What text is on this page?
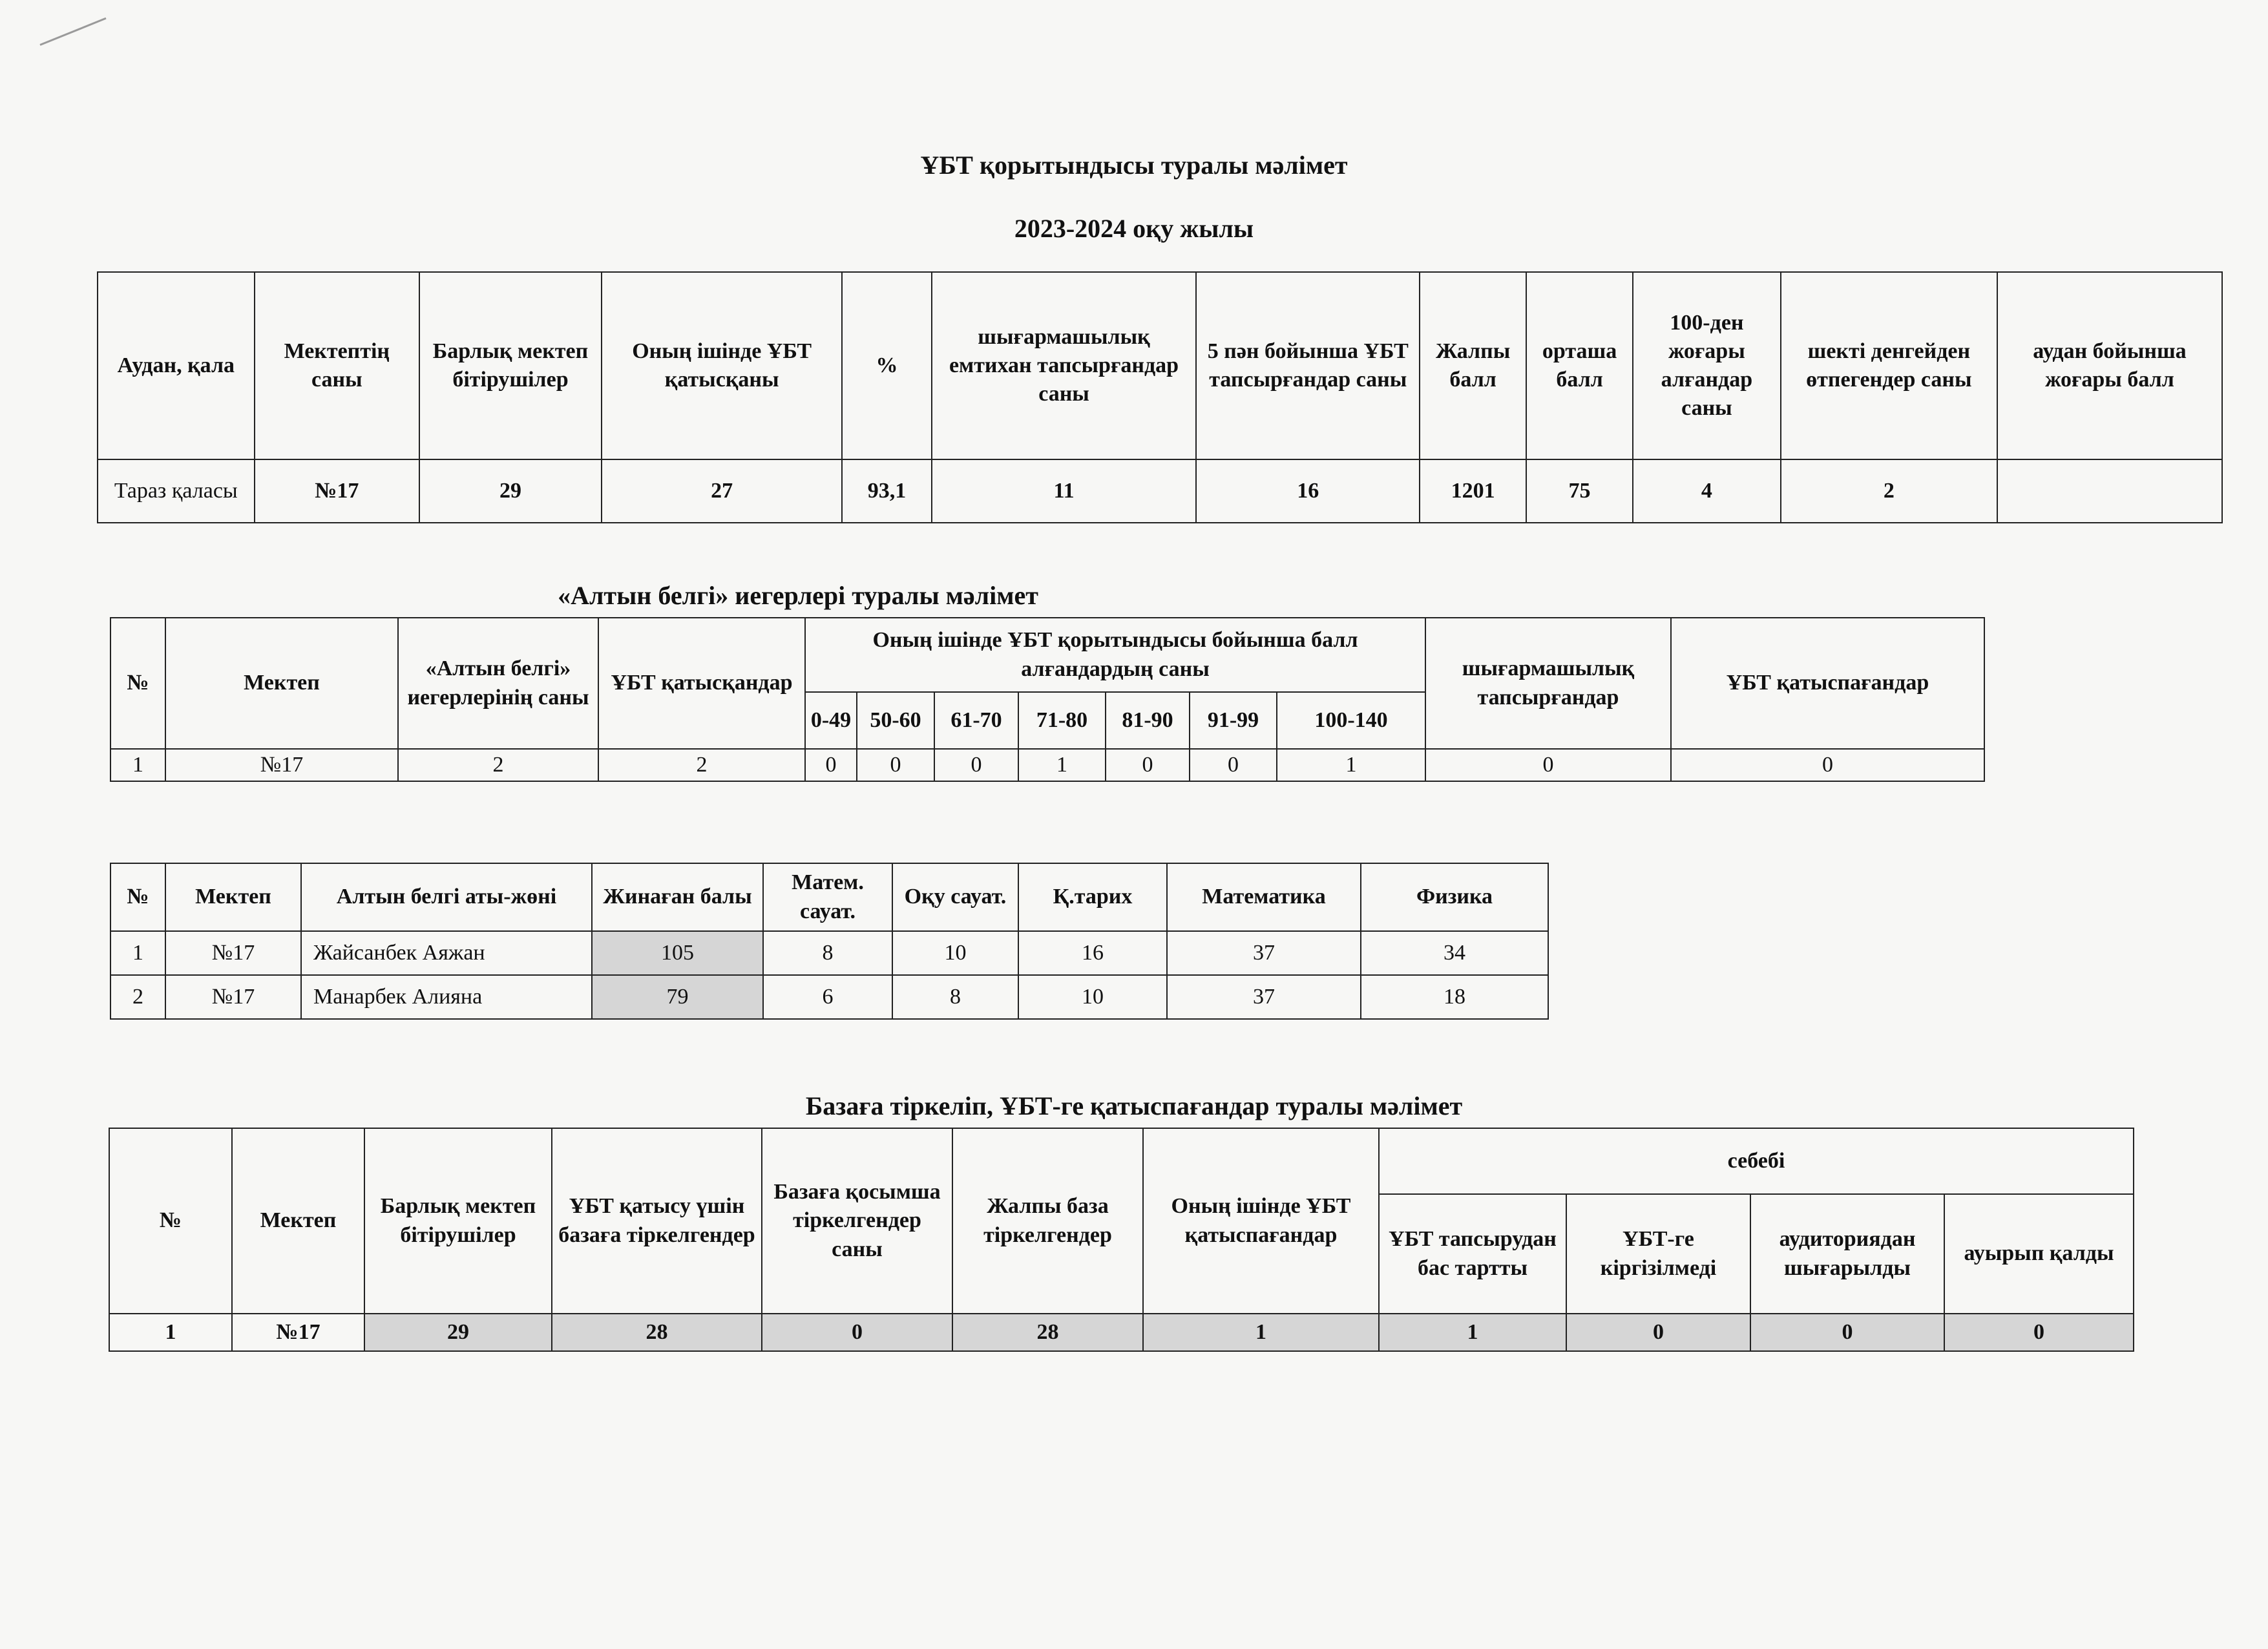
ҰБТ қорытындысы туралы мәлімет
2023-2024 оқу жылы
Аудан, қала	Мектептің саны	Барлық мектеп бітірушілер	Оның ішінде ҰБТ қатысқаны	%	шығармашылық емтихан тапсырғандар саны	5 пән бойынша ҰБТ тапсырғандар саны	Жалпы балл	орташа балл	100-ден жоғары алғандар саны	шекті денгейден өтпегендер саны	аудан бойынша жоғары балл
Тараз қаласы	№17	29	27	93,1	11	16	1201	75	4	2	
«Алтын белгі» иегерлері туралы мәлімет
№	Мектеп	«Алтын белгі» иегерлерінің саны	ҰБТ қатысқандар	Оның ішінде ҰБТ қорытындысы бойынша балл алғандардың саны							шығармашылық тапсырғандар	ҰБТ қатыспағандар
				0-49	50-60	61-70	71-80	81-90	91-99	100-140		
1	№17	2	2	0	0	0	1	0	0	1	0	0
№	Мектеп	Алтын белгі аты-жөні	Жинаған балы	Матем. сауат.	Оқу сауат.	Қ.тарих	Математика	Физика
1	№17	Жайсанбек Аяжан	105	8	10	16	37	34
2	№17	Манарбек Алияна	79	6	8	10	37	18
Базаға тіркеліп, ҰБТ-ге қатыспағандар туралы мәлімет
№	Мектеп	Барлық мектеп бітірушілер	ҰБТ қатысу үшін базаға тіркелгендер	Базаға қосымша тіркелгендер саны	Жалпы база тіркелгендер	Оның ішінде ҰБТ қатыспағандар	себебі			
							ҰБТ тапсырудан бас тартты	ҰБТ-ге кіргізілмеді	аудиториядан шығарылды	ауырып қалды
1	№17	29	28	0	28	1	1	0	0	0
